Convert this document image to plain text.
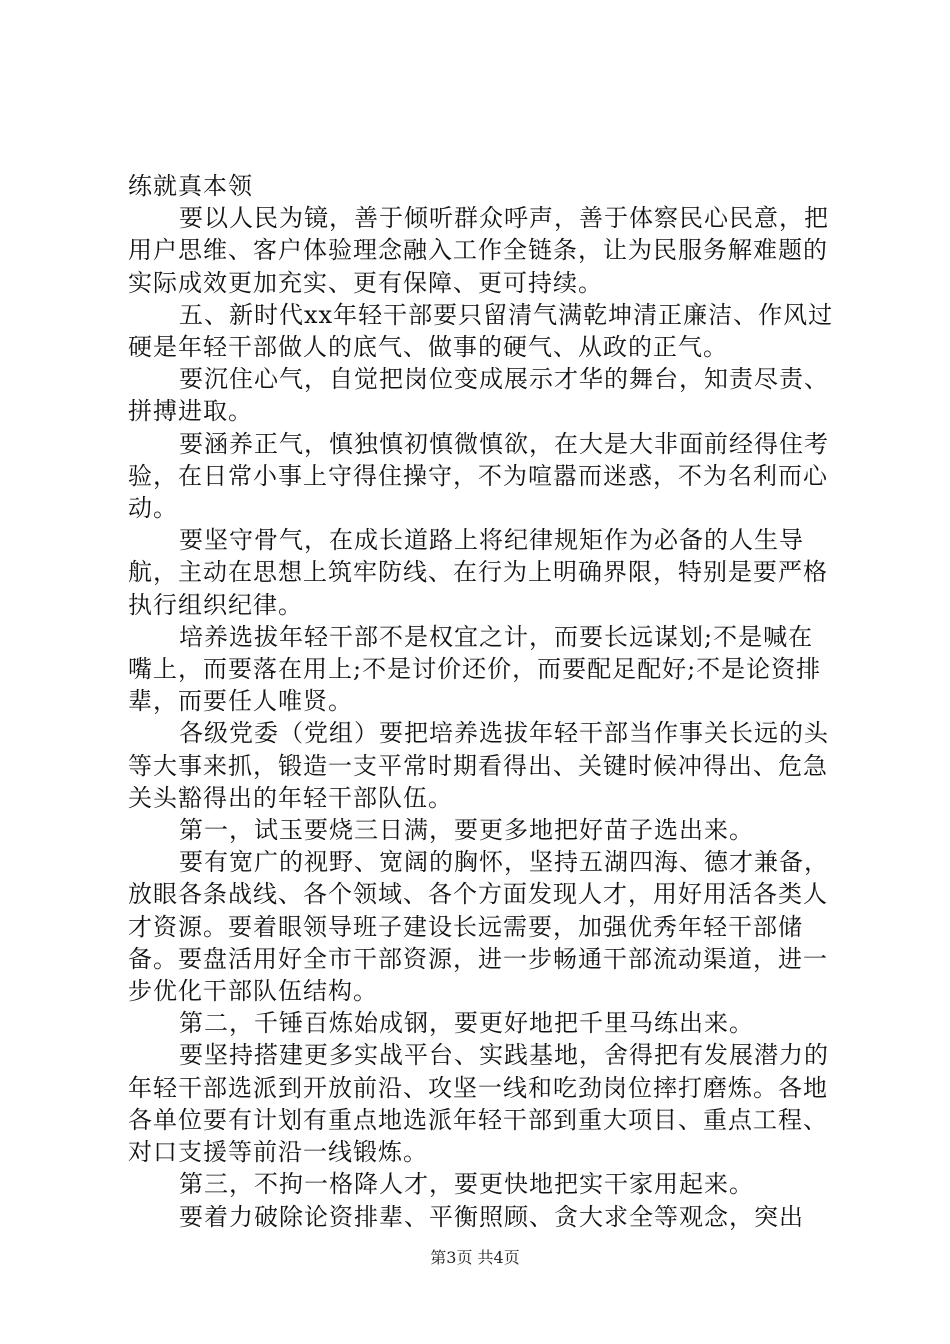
练就真本领

要以人民为镜，善于倾听群众呼声，善于体察民心民意，把用户思维、客户体验理念融入工作全链条，让为民服务解难题的实际成效更加充实、更有保障、更可持续。

五、新时代xx年轻干部要只留清气满乾坤清正廉洁、作风过硬是年轻干部做人的底气、做事的硬气、从政的正气。

要沉住心气，自觉把岗位变成展示才华的舞台，知责尽责、拼搏进取。

要涵养正气，慎独慎初慎微慎欲，在大是大非面前经得住考验，在日常小事上守得住操守，不为喧嚣而迷惑，不为名利而心动。

要坚守骨气，在成长道路上将纪律规矩作为必备的人生导航，主动在思想上筑牢防线、在行为上明确界限，特别是要严格执行组织纪律。

培养选拔年轻干部不是权宜之计，而要长远谋划;不是喊在嘴上，而要落在用上;不是讨价还价，而要配足配好;不是论资排辈，而要任人唯贤。

各级党委（党组）要把培养选拔年轻干部当作事关长远的头等大事来抓，锻造一支平常时期看得出、关键时候冲得出、危急关头豁得出的年轻干部队伍。

第一，试玉要烧三日满，要更多地把好苗子选出来。

要有宽广的视野、宽阔的胸怀，坚持五湖四海、德才兼备，放眼各条战线、各个领域、各个方面发现人才，用好用活各类人才资源。要着眼领导班子建设长远需要，加强优秀年轻干部储备。要盘活用好全市干部资源，进一步畅通干部流动渠道，进一步优化干部队伍结构。

第二，千锤百炼始成钢，要更好地把千里马练出来。

要坚持搭建更多实战平台、实践基地，舍得把有发展潜力的年轻干部选派到开放前沿、攻坚一线和吃劲岗位摔打磨炼。各地各单位要有计划有重点地选派年轻干部到重大项目、重点工程、对口支援等前沿一线锻炼。

第三，不拘一格降人才，要更快地把实干家用起来。

要着力破除论资排辈、平衡照顾、贪大求全等观念，突出

第3页 共4页
